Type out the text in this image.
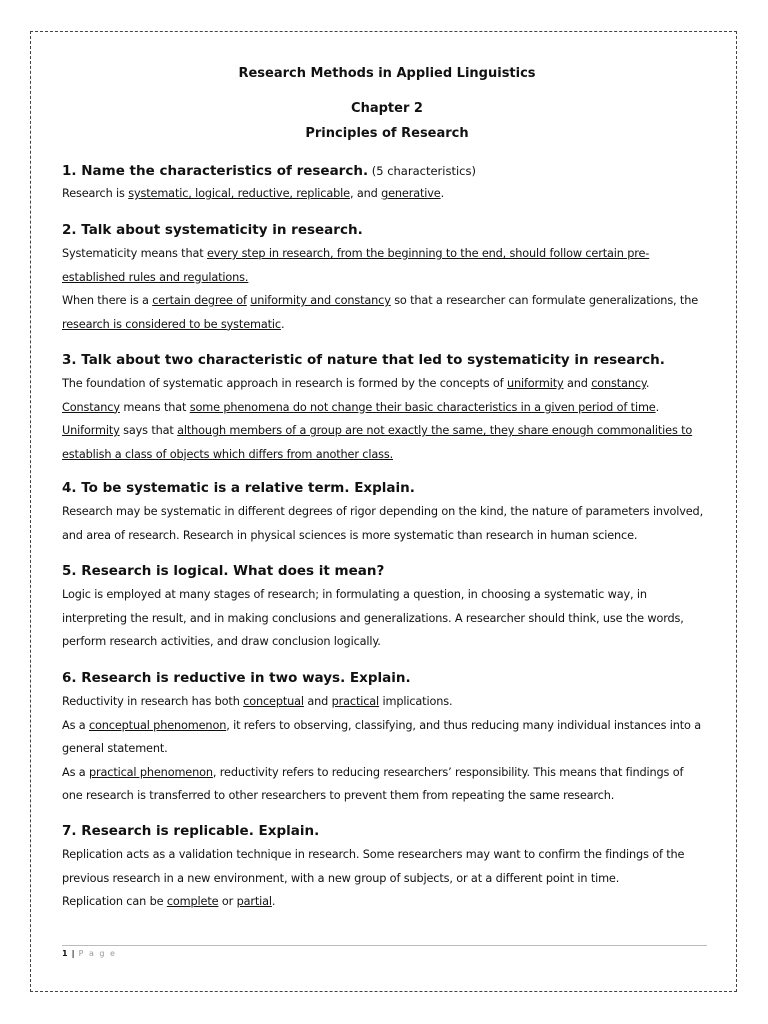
Research Methods in Applied Linguistics
Chapter 2
Principles of Research
1. Name the characteristics of research. (5 characteristics)
Research is systematic, logical, reductive, replicable, and generative.
2. Talk about systematicity in research.
Systematicity means that every step in research, from the beginning to the end, should follow certain pre-
established rules and regulations.
When there is a certain degree of uniformity and constancy so that a researcher can formulate generalizations, the
research is considered to be systematic.
3. Talk about two characteristic of nature that led to systematicity in research.
The foundation of systematic approach in research is formed by the concepts of uniformity and constancy.
Constancy means that some phenomena do not change their basic characteristics in a given period of time.
Uniformity says that although members of a group are not exactly the same, they share enough commonalities to
establish a class of objects which differs from another class.
4. To be systematic is a relative term. Explain.
Research may be systematic in different degrees of rigor depending on the kind, the nature of parameters involved,
and area of research. Research in physical sciences is more systematic than research in human science.
5. Research is logical. What does it mean?
Logic is employed at many stages of research; in formulating a question, in choosing a systematic way, in
interpreting the result, and in making conclusions and generalizations. A researcher should think, use the words,
perform research activities, and draw conclusion logically.
6. Research is reductive in two ways. Explain.
Reductivity in research has both conceptual and practical implications.
As a conceptual phenomenon, it refers to observing, classifying, and thus reducing many individual instances into a
general statement.
As a practical phenomenon, reductivity refers to reducing researchers’ responsibility. This means that findings of
one research is transferred to other researchers to prevent them from repeating the same research.
7. Research is replicable. Explain.
Replication acts as a validation technique in research. Some researchers may want to confirm the findings of the
previous research in a new environment, with a new group of subjects, or at a different point in time.
Replication can be complete or partial.
1 | P a g e
